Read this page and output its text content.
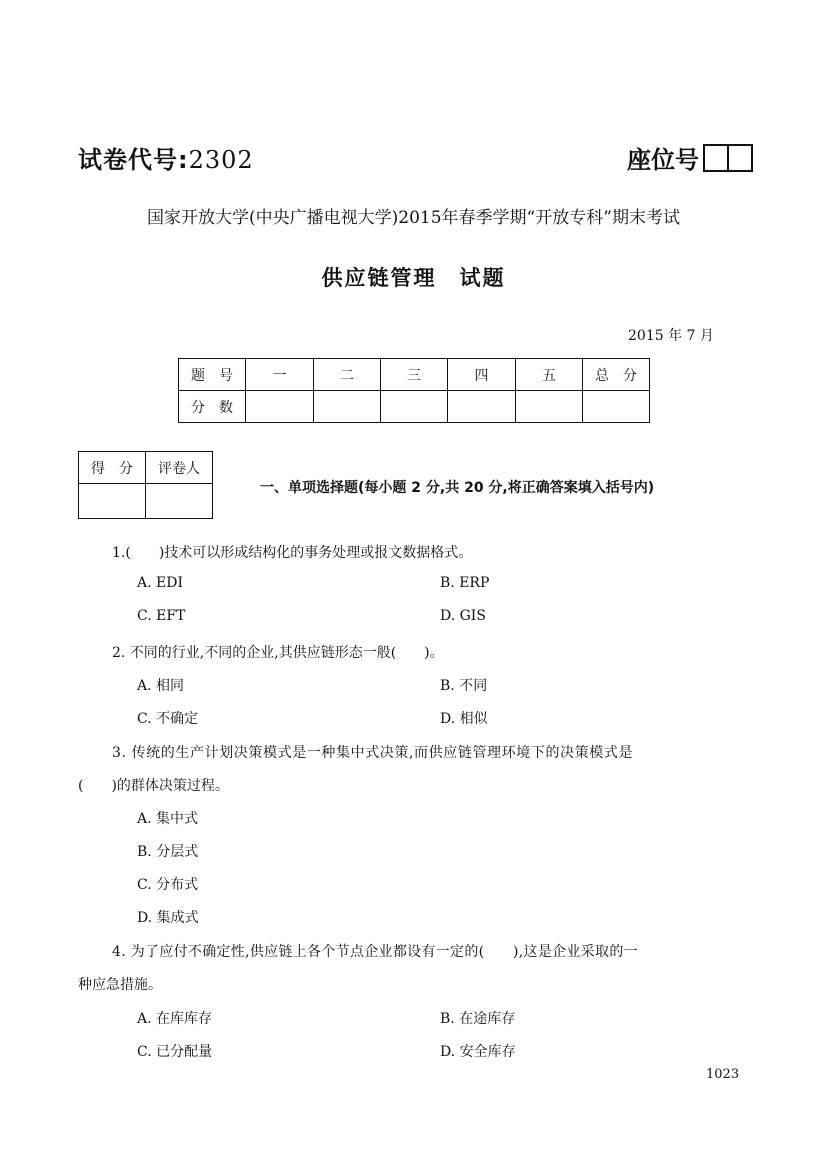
试卷代号:2302	座位号
国家开放大学(中央广播电视大学)2015年春季学期“开放专科”期末考试
供应链管理　试题
2015 年 7 月
题　号	一	二	三	四	五	总　分
分　数						
得　分	评卷人

一、单项选择题(每小题 2 分,共 20 分,将正确答案填入括号内)
1.(　　)技术可以形成结构化的事务处理或报文数据格式。
A. EDI	B. ERP
C. EFT	D. GIS
2. 不同的行业,不同的企业,其供应链形态一般(　　)。
A. 相同	B. 不同
C. 不确定	D. 相似
3. 传统的生产计划决策模式是一种集中式决策,而供应链管理环境下的决策模式是
(　　)的群体决策过程。
A. 集中式
B. 分层式
C. 分布式
D. 集成式
4. 为了应付不确定性,供应链上各个节点企业都设有一定的(　　),这是企业采取的一
种应急措施。
A. 在库库存	B. 在途库存
C. 已分配量	D. 安全库存
1023
